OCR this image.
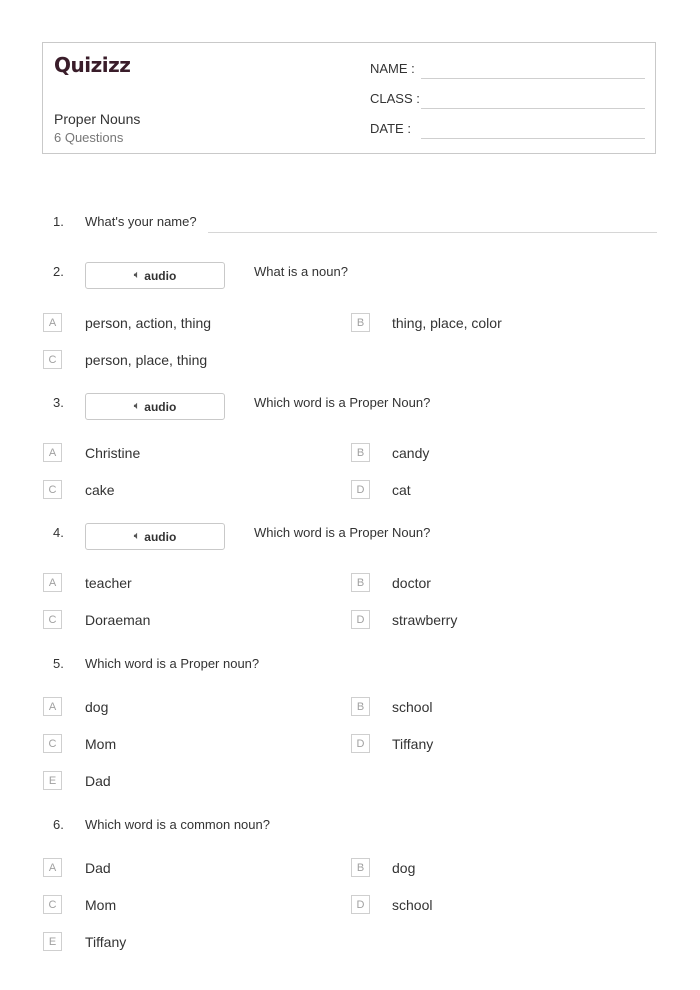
Quizizz
Proper Nouns
6 Questions
NAME :
CLASS :
DATE :
1. What's your name?
2.	🔈︎ audio	What is a noun?
A	person, action, thing	B	thing, place, color
C	person, place, thing
3.	🔈︎ audio	Which word is a Proper Noun?
A	Christine	B	candy
C	cake	D	cat
4.	🔈︎ audio	Which word is a Proper Noun?
A	teacher	B	doctor
C	Doraeman	D	strawberry
5. Which word is a Proper noun?
A	dog	B	school
C	Mom	D	Tiffany
E	Dad
6. Which word is a common noun?
A	Dad	B	dog
C	Mom	D	school
E	Tiffany
